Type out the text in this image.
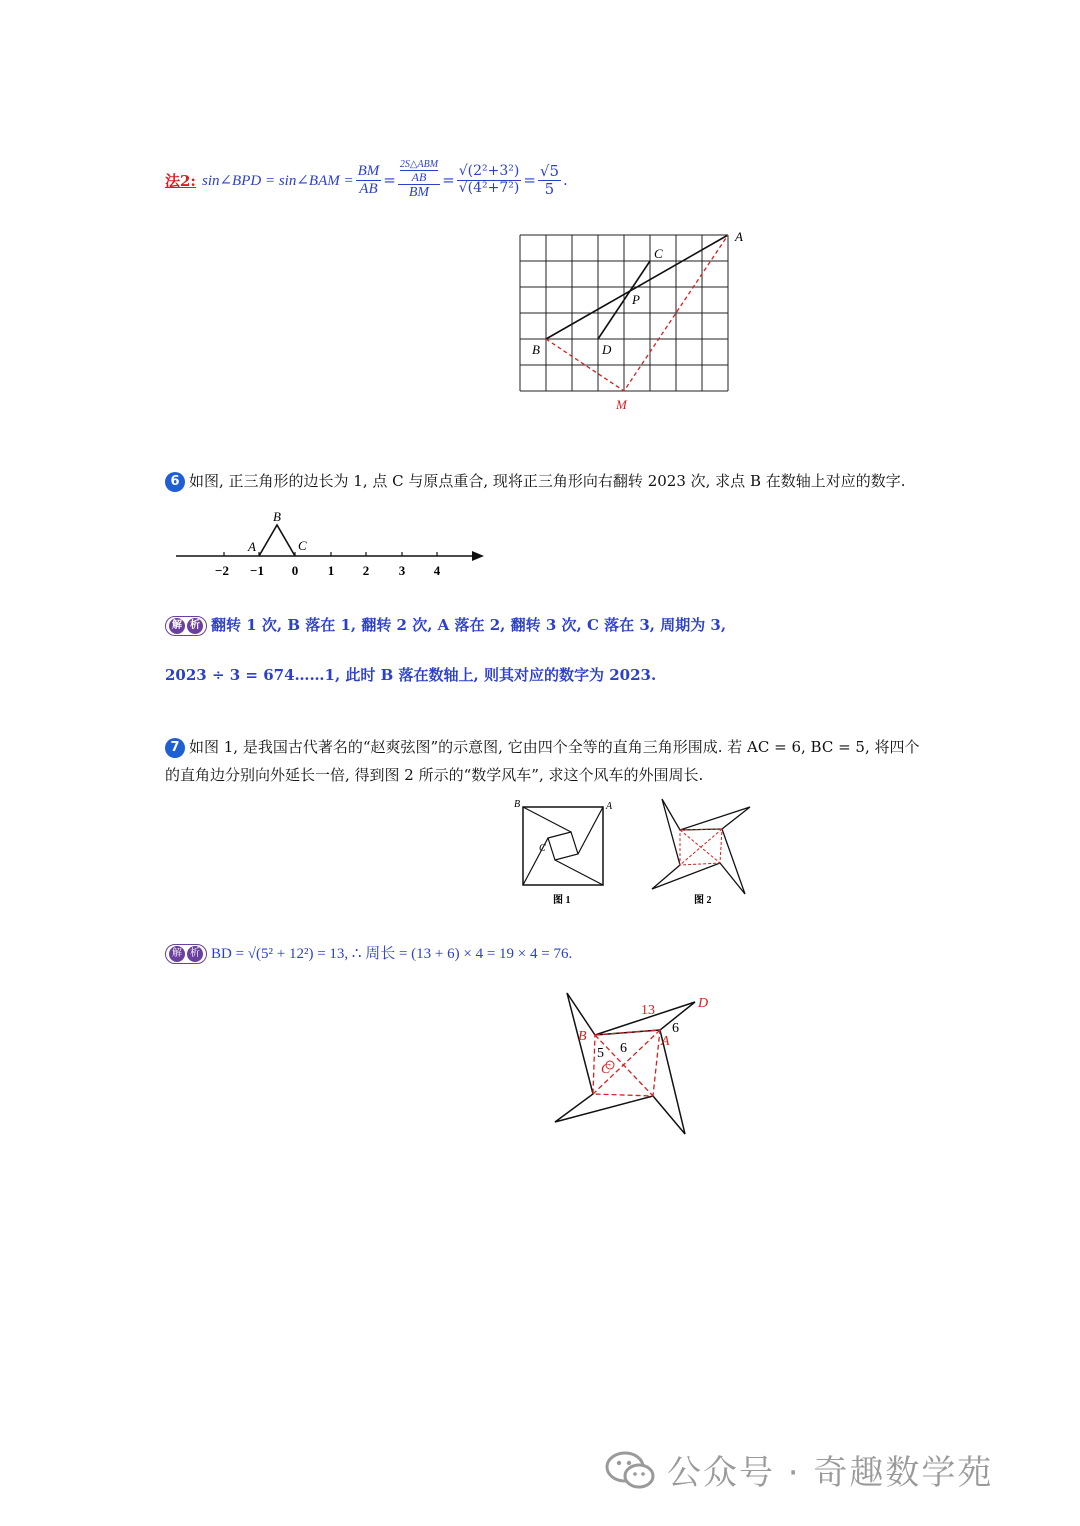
法2: sin∠BPD = sin∠BAM = $\frac{BM}{AB}$ = 2S△ABM
AB
BM = $\frac{\text{√(2²+3²)}}{\text{√(4²+7²)}} = \frac{√5}{5}$ .
A
B
C
D
P
M
6 如图, 正三角形的边长为 1, 点 C 与原点重合, 现将正三角形向右翻转 2023 次, 求点 B 在数轴上对应的数字.
−2 −1 0 1 2 3 4
A
B
C
解 析 翻转 1 次, B 落在 1, 翻转 2 次, A 落在 2, 翻转 3 次, C 落在 3, 周期为 3,
2023 ÷ 3 = 674……1, 此时 B 落在数轴上, 则其对应的数字为 2023.
7 如图 1, 是我国古代著名的“赵爽弦图”的示意图, 它由四个全等的直角三角形围成. 若 AC = 6, BC = 5, 将四个
的直角边分别向外延长一倍, 得到图 2 所示的“数学风车”, 求这个风车的外围周长.
A
B
C
图 1	图 2
解 析 BD = √(5² + 12²) = 13, ∴ 周长 = (13 + 6) × 4 = 19 × 4 = 76.
B	A
C
D
13
6
5 6
公众号 · 奇趣数学苑
